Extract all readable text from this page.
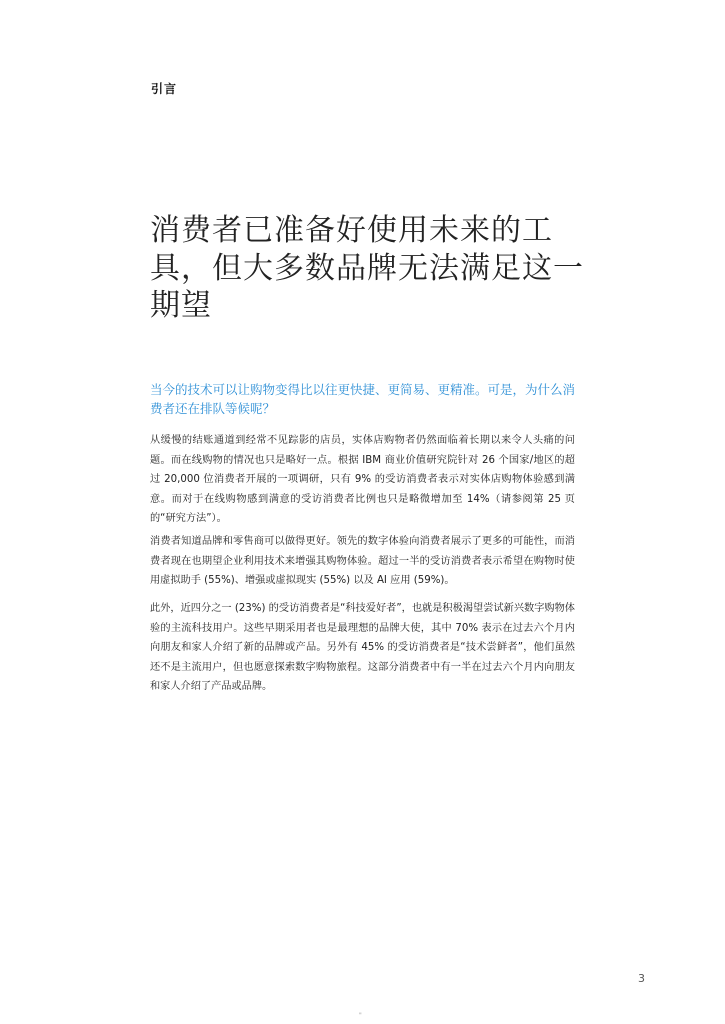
引言
消费者已准备好使用未来的工具，但大多数品牌无法满足这一期望

当今的技术可以让购物变得比以往更快捷、更简易、更精准。可是，为什么消费者还在排队等候呢？

从缓慢的结账通道到经常不见踪影的店员，实体店购物者仍然面临着长期以来令人头痛的问题。而在线购物的情况也只是略好一点。根据 IBM 商业价值研究院针对 26 个国家/地区的超过 20,000 位消费者开展的一项调研，只有 9% 的受访消费者表示对实体店购物体验感到满意。而对于在线购物感到满意的受访消费者比例也只是略微增加至 14%（请参阅第 25 页的“研究方法”）。

消费者知道品牌和零售商可以做得更好。领先的数字体验向消费者展示了更多的可能性，而消费者现在也期望企业利用技术来增强其购物体验。超过一半的受访消费者表示希望在购物时使用虚拟助手 (55%)、增强或虚拟现实 (55%) 以及 AI 应用 (59%)。

此外，近四分之一 (23%) 的受访消费者是“科技爱好者”，也就是积极渴望尝试新兴数字购物体验的主流科技用户。这些早期采用者也是最理想的品牌大使，其中 70% 表示在过去六个月内向朋友和家人介绍了新的品牌或产品。另外有 45% 的受访消费者是“技术尝鲜者”，他们虽然还不是主流用户，但也愿意探索数字购物旅程。这部分消费者中有一半在过去六个月内向朋友和家人介绍了产品或品牌。

3
"
